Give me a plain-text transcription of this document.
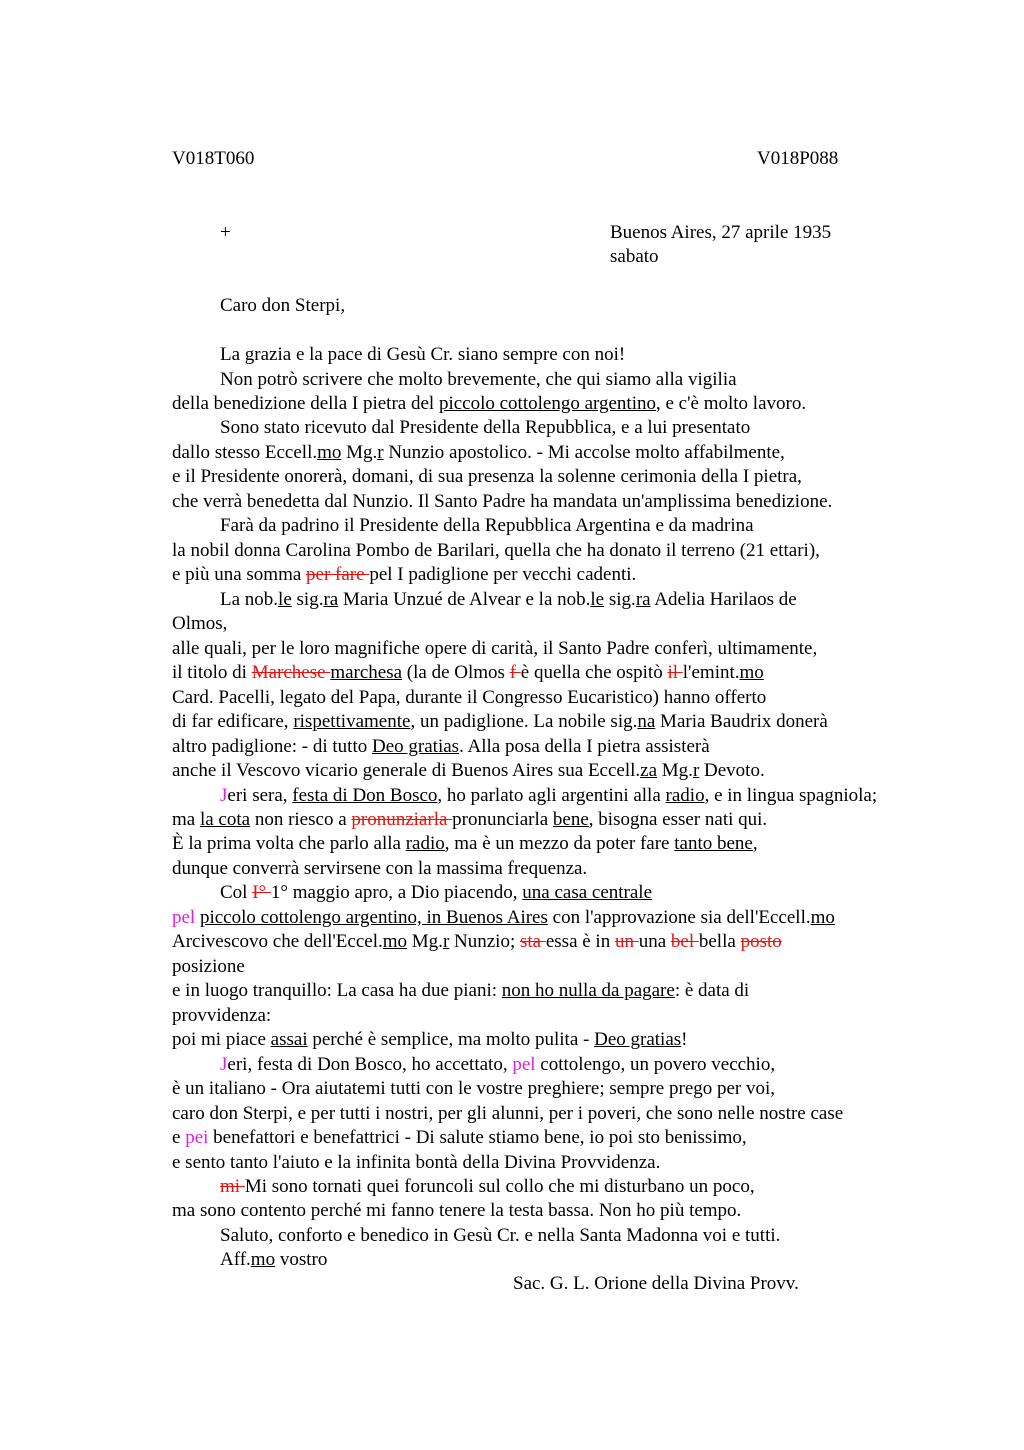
V018T060	V018P088
+	Buenos Aires, 27 aprile 1935
sabato
Caro don Sterpi,
La grazia e la pace di Gesù Cr. siano sempre con noi!
Non potrò scrivere che molto brevemente, che qui siamo alla vigilia
della benedizione della I pietra del piccolo cottolengo argentino, e c'è molto lavoro.
Sono stato ricevuto dal Presidente della Repubblica, e a lui presentato
dallo stesso Eccell.mo Mg.r Nunzio apostolico. - Mi accolse molto affabilmente,
e il Presidente onorerà, domani, di sua presenza la solenne cerimonia della I pietra,
che verrà benedetta dal Nunzio. Il Santo Padre ha mandata un'amplissima benedizione.
Farà da padrino il Presidente della Repubblica Argentina e da madrina
la nobil donna Carolina Pombo de Barilari, quella che ha donato il terreno (21 ettari),
e più una somma per fare pel I padiglione per vecchi cadenti.
La nob.le sig.ra Maria Unzué de Alvear e la nob.le sig.ra Adelia Harilaos de
Olmos,
alle quali, per le loro magnifiche opere di carità, il Santo Padre conferì, ultimamente,
il titolo di Marchese marchesa (la de Olmos f è quella che ospitò il l'emint.mo
Card. Pacelli, legato del Papa, durante il Congresso Eucaristico) hanno offerto
di far edificare, rispettivamente, un padiglione. La nobile sig.na Maria Baudrix donerà
altro padiglione: - di tutto Deo gratias. Alla posa della I pietra assisterà
anche il Vescovo vicario generale di Buenos Aires sua Eccell.za Mg.r Devoto.
Jeri sera, festa di Don Bosco, ho parlato agli argentini alla radio, e in lingua spagniola;
ma la cota non riesco a pronunziarla pronunciarla bene, bisogna esser nati qui.
È la prima volta che parlo alla radio, ma è un mezzo da poter fare tanto bene,
dunque converrà servirsene con la massima frequenza.
Col I° 1° maggio apro, a Dio piacendo, una casa centrale
pel piccolo cottolengo argentino, in Buenos Aires con l'approvazione sia dell'Eccell.mo
Arcivescovo che dell'Eccel.mo Mg.r Nunzio; sta essa è in un una bel bella posto
posizione
e in luogo tranquillo: La casa ha due piani: non ho nulla da pagare: è data di
provvidenza:
poi mi piace assai perché è semplice, ma molto pulita - Deo gratias!
Jeri, festa di Don Bosco, ho accettato, pel cottolengo, un povero vecchio,
è un italiano - Ora aiutatemi tutti con le vostre preghiere; sempre prego per voi,
caro don Sterpi, e per tutti i nostri, per gli alunni, per i poveri, che sono nelle nostre case
e pei benefattori e benefattrici - Di salute stiamo bene, io poi sto benissimo,
e sento tanto l'aiuto e la infinita bontà della Divina Provvidenza.
mi Mi sono tornati quei foruncoli sul collo che mi disturbano un poco,
ma sono contento perché mi fanno tenere la testa bassa. Non ho più tempo.
Saluto, conforto e benedico in Gesù Cr. e nella Santa Madonna voi e tutti.
Aff.mo vostro
Sac. G. L. Orione della Divina Provv.
